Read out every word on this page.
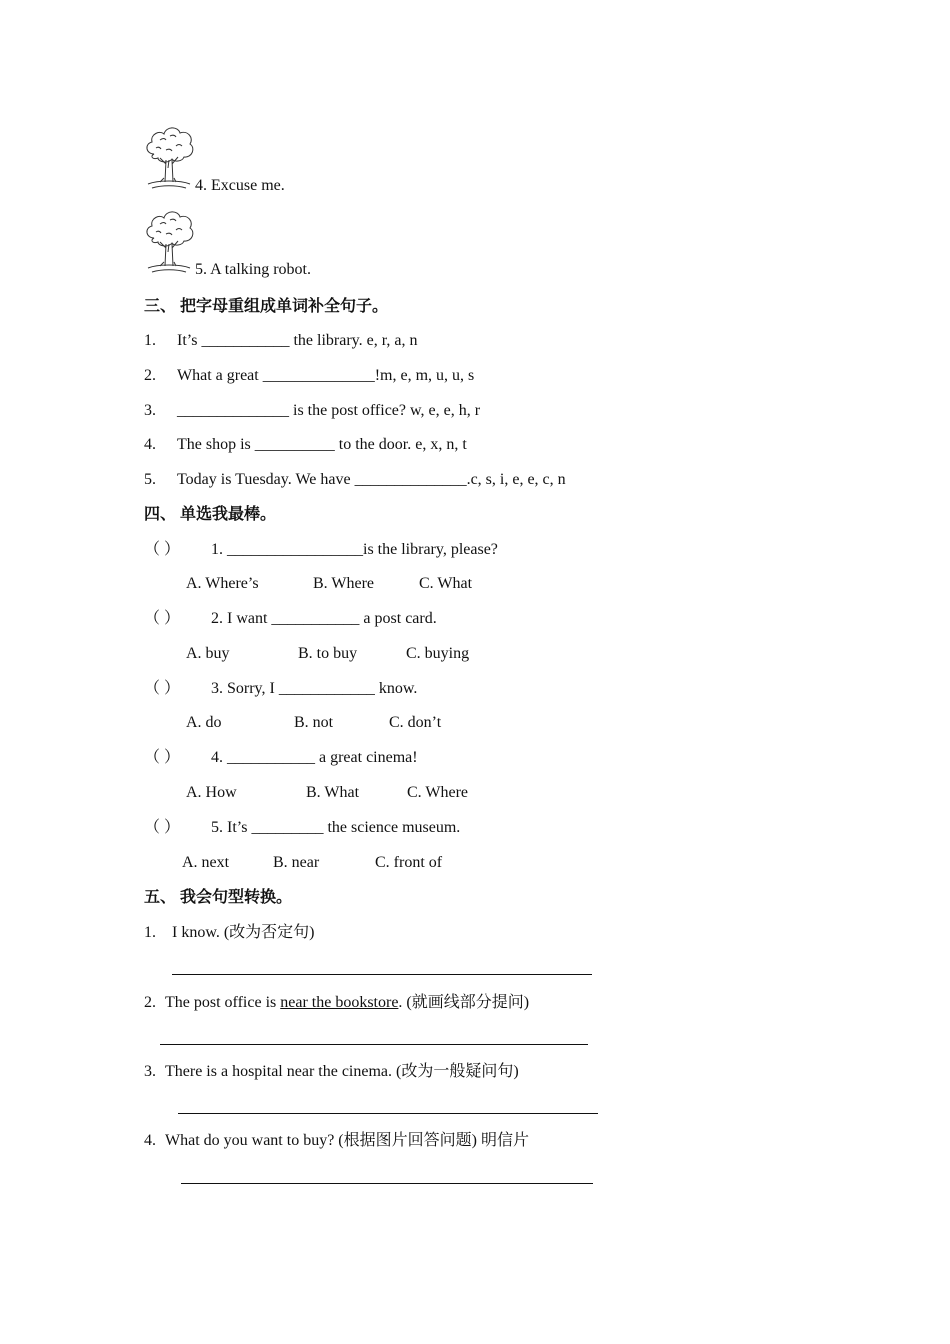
4. Excuse me.
5. A talking robot.
三、 把字母重组成单词补全句子。
1. It’s ___________ the library. e, r, a, n
2. What a great ______________!m, e, m, u, u, s
3. ______________ is the post office? w, e, e, h, r
4. The shop is __________ to the door. e, x, n, t
5. Today is Tuesday. We have ______________.c, s, i, e, e, c, n
四、 单选我最棒。
（ ） 1. _________________is the library, please?
A. Where’s	B. Where	C. What
（ ） 2. I want ___________ a post card.
A. buy	B. to buy	C. buying
（ ） 3. Sorry, I ____________ know.
A. do	B. not	C. don’t
（ ） 4. ___________ a great cinema!
A. How	B. What	C. Where
（ ） 5. It’s _________ the science museum.
A. next	B. near	C. front of
五、 我会句型转换。
1. I know. (改为否定句)
2. The post office is near the bookstore. (就画线部分提问)
3. There is a hospital near the cinema. (改为一般疑问句)
4. What do you want to buy? (根据图片回答问题) 明信片
